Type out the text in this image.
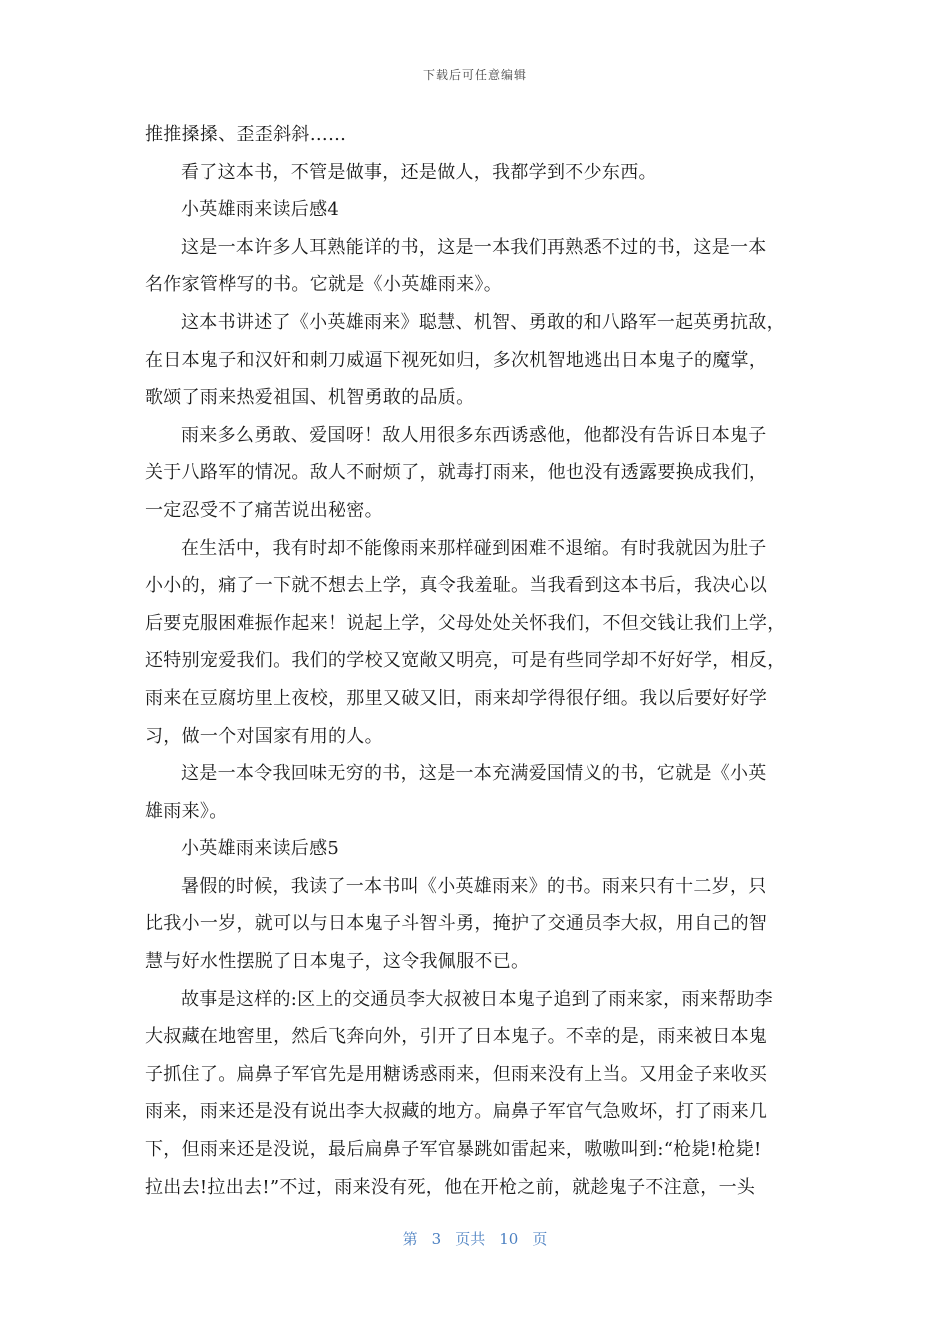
下载后可任意编辑

推推搡搡、歪歪斜斜……

看了这本书，不管是做事，还是做人，我都学到不少东西。

小英雄雨来读后感4

这是一本许多人耳熟能详的书，这是一本我们再熟悉不过的书，这是一本

名作家管桦写的书。它就是《小英雄雨来》。

这本书讲述了《小英雄雨来》聪慧、机智、勇敢的和八路军一起英勇抗敌，

在日本鬼子和汉奸和刺刀威逼下视死如归，多次机智地逃出日本鬼子的魔掌，

歌颂了雨来热爱祖国、机智勇敢的品质。

雨来多么勇敢、爱国呀！敌人用很多东西诱惑他，他都没有告诉日本鬼子

关于八路军的情况。敌人不耐烦了，就毒打雨来，他也没有透露要换成我们，

一定忍受不了痛苦说出秘密。

在生活中，我有时却不能像雨来那样碰到困难不退缩。有时我就因为肚子

小小的，痛了一下就不想去上学，真令我羞耻。当我看到这本书后，我决心以

后要克服困难振作起来！说起上学，父母处处关怀我们，不但交钱让我们上学，

还特别宠爱我们。我们的学校又宽敞又明亮，可是有些同学却不好好学，相反，

雨来在豆腐坊里上夜校，那里又破又旧，雨来却学得很仔细。我以后要好好学

习，做一个对国家有用的人。

这是一本令我回味无穷的书，这是一本充满爱国情义的书，它就是《小英

雄雨来》。

小英雄雨来读后感5

暑假的时候，我读了一本书叫《小英雄雨来》的书。雨来只有十二岁，只

比我小一岁，就可以与日本鬼子斗智斗勇，掩护了交通员李大叔，用自己的智

慧与好水性摆脱了日本鬼子，这令我佩服不已。

故事是这样的:区上的交通员李大叔被日本鬼子追到了雨来家，雨来帮助李

大叔藏在地窖里，然后飞奔向外，引开了日本鬼子。不幸的是，雨来被日本鬼

子抓住了。扁鼻子军官先是用糖诱惑雨来，但雨来没有上当。又用金子来收买

雨来，雨来还是没有说出李大叔藏的地方。扁鼻子军官气急败坏，打了雨来几

下，但雨来还是没说，最后扁鼻子军官暴跳如雷起来，嗷嗷叫到:“枪毙!枪毙!

拉出去!拉出去!”不过，雨来没有死，他在开枪之前，就趁鬼子不注意，一头

第 3 页共 10 页
